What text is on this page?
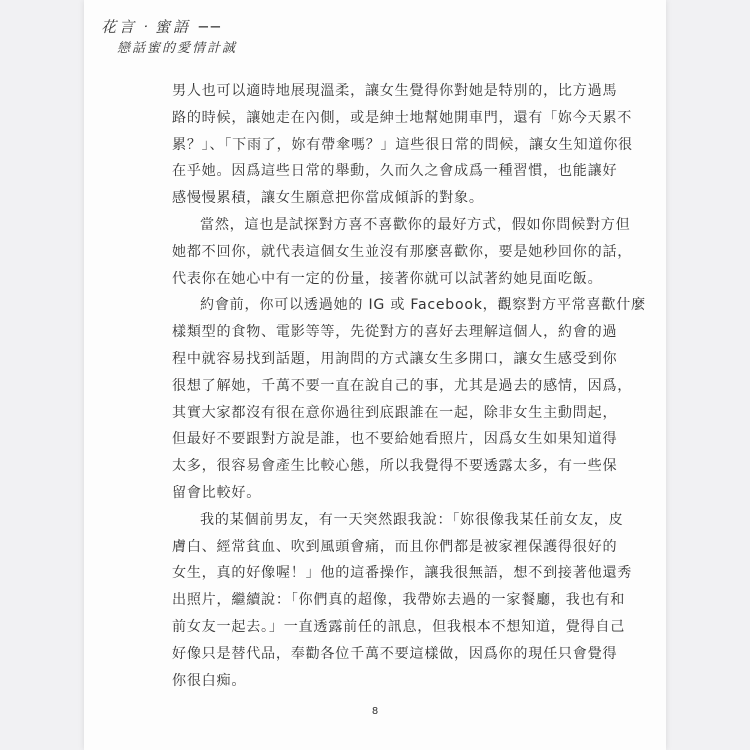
花言‧蜜語 ──
戀話蜜的愛情計誠
男人也可以適時地展現溫柔，讓女生覺得你對她是特別的，比方過馬
路的時候，讓她走在內側，或是紳士地幫她開車門，還有「妳今天累不
累？」、「下雨了，妳有帶傘嗎？」這些很日常的問候，讓女生知道你很
在乎她。因爲這些日常的舉動，久而久之會成爲一種習慣，也能讓好
感慢慢累積，讓女生願意把你當成傾訴的對象。
當然，這也是試探對方喜不喜歡你的最好方式，假如你問候對方但
她都不回你，就代表這個女生並沒有那麼喜歡你，要是她秒回你的話，
代表你在她心中有一定的份量，接著你就可以試著約她見面吃飯。
約會前，你可以透過她的 IG 或 Facebook，觀察對方平常喜歡什麼
樣類型的食物、電影等等，先從對方的喜好去理解這個人，約會的過
程中就容易找到話題，用詢問的方式讓女生多開口，讓女生感受到你
很想了解她，千萬不要一直在說自己的事，尤其是過去的感情，因爲，
其實大家都沒有很在意你過往到底跟誰在一起，除非女生主動問起，
但最好不要跟對方說是誰，也不要給她看照片，因爲女生如果知道得
太多，很容易會產生比較心態，所以我覺得不要透露太多，有一些保
留會比較好。
我的某個前男友，有一天突然跟我說：「妳很像我某任前女友，皮
膚白、經常貧血、吹到風頭會痛，而且你們都是被家裡保護得很好的
女生，真的好像喔！」他的這番操作，讓我很無語，想不到接著他還秀
出照片，繼續說：「你們真的超像，我帶妳去過的一家餐廳，我也有和
前女友一起去。」一直透露前任的訊息，但我根本不想知道，覺得自己
好像只是替代品，奉勸各位千萬不要這樣做，因爲你的現任只會覺得
你很白痴。
8
